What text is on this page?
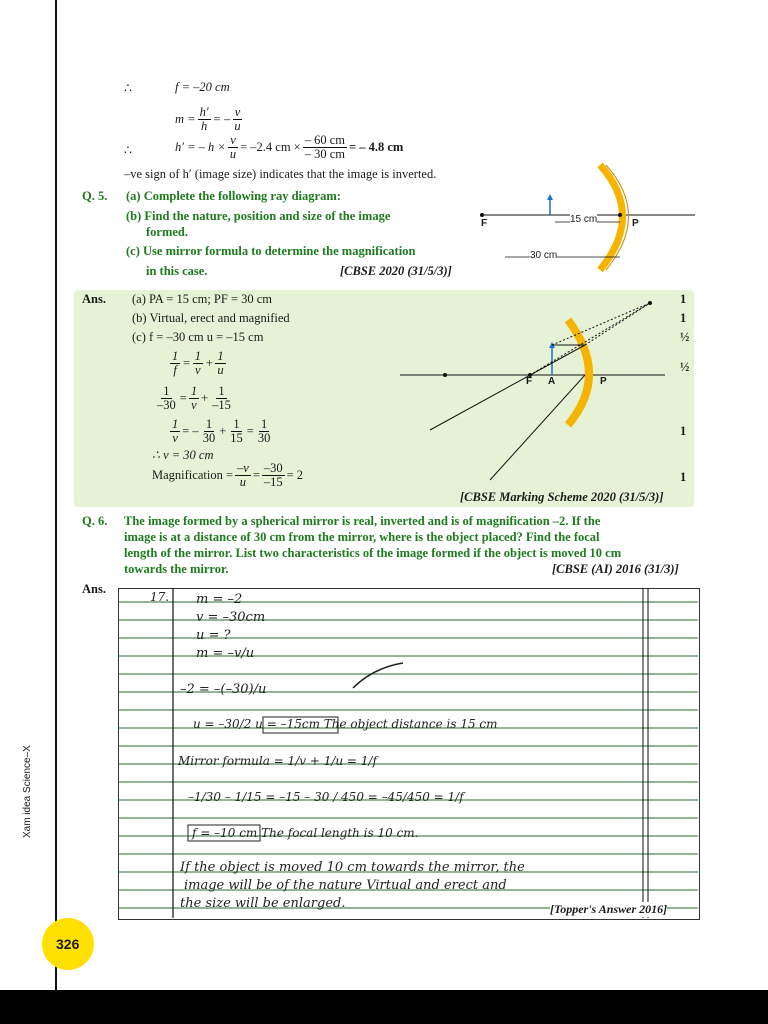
∴	f = –20 cm
$m = \frac{h'}{h}$ = – $\frac{v}{u}$
∴	h′ = – $h \times \frac{v}{u} = -2.4$ cm × $\frac{- 60 cm}{- 30 cm}$ = – 4.8 cm
–ve sign of h′ (image size) indicates that the image is inverted.
Q. 5. (a) Complete the following ray diagram:
(b) Find the nature, position and size of the image
formed.
(c) Use mirror formula to determine the magnification
in this case.	[CBSE 2020 (31/5/3)]
F	P
15 cm
30 cm
Ans. (a) PA = 15 cm; PF = 30 cm
(b) Virtual, erect and magnified
(c) f = –30 cm u = –15 cm
$\frac{1}{f} = \frac{1}{v} + \frac{1}{u}$
$\frac{1}{-30} = \frac{1}{v} + \frac{1}{-15}$
$\frac{1}{v}$ = – $\frac{1}{30} + \frac{1}{15} = \frac{1}{30}$
∴ v = 30 cm
Magnification = $\frac{-v}{u} = \frac{-30}{-15} = 2$
1
1
½
½
1
1
F A	P
[CBSE Marking Scheme 2020 (31/5/3)]
Q. 6. The image formed by a spherical mirror is real, inverted and is of magnification –2. If the
image is at a distance of 30 cm from the mirror, where is the object placed? Find the focal
length of the mirror. List two characteristics of the image formed if the object is moved 10 cm
towards the mirror.	[CBSE (AI) 2016 (31/3)]
Ans.
17. m = –2
v = –30cm
u = ?
m = –v/u
–2 = –(–30)/u
u = –30/2 u = –15cm The object distance is 15 cm
Mirror formula = 1/v + 1/u = 1/f
–1/30 – 1/15 = –15 – 30 / 450 = –45/450 = 1/f
f = –10 cm The focal length is 10 cm.
If the object is moved 10 cm towards the mirror, the
image will be of the nature Virtual and erect and
the size will be enlarged.	[Topper's Answer 2016]
Xam idea Science–X
326
